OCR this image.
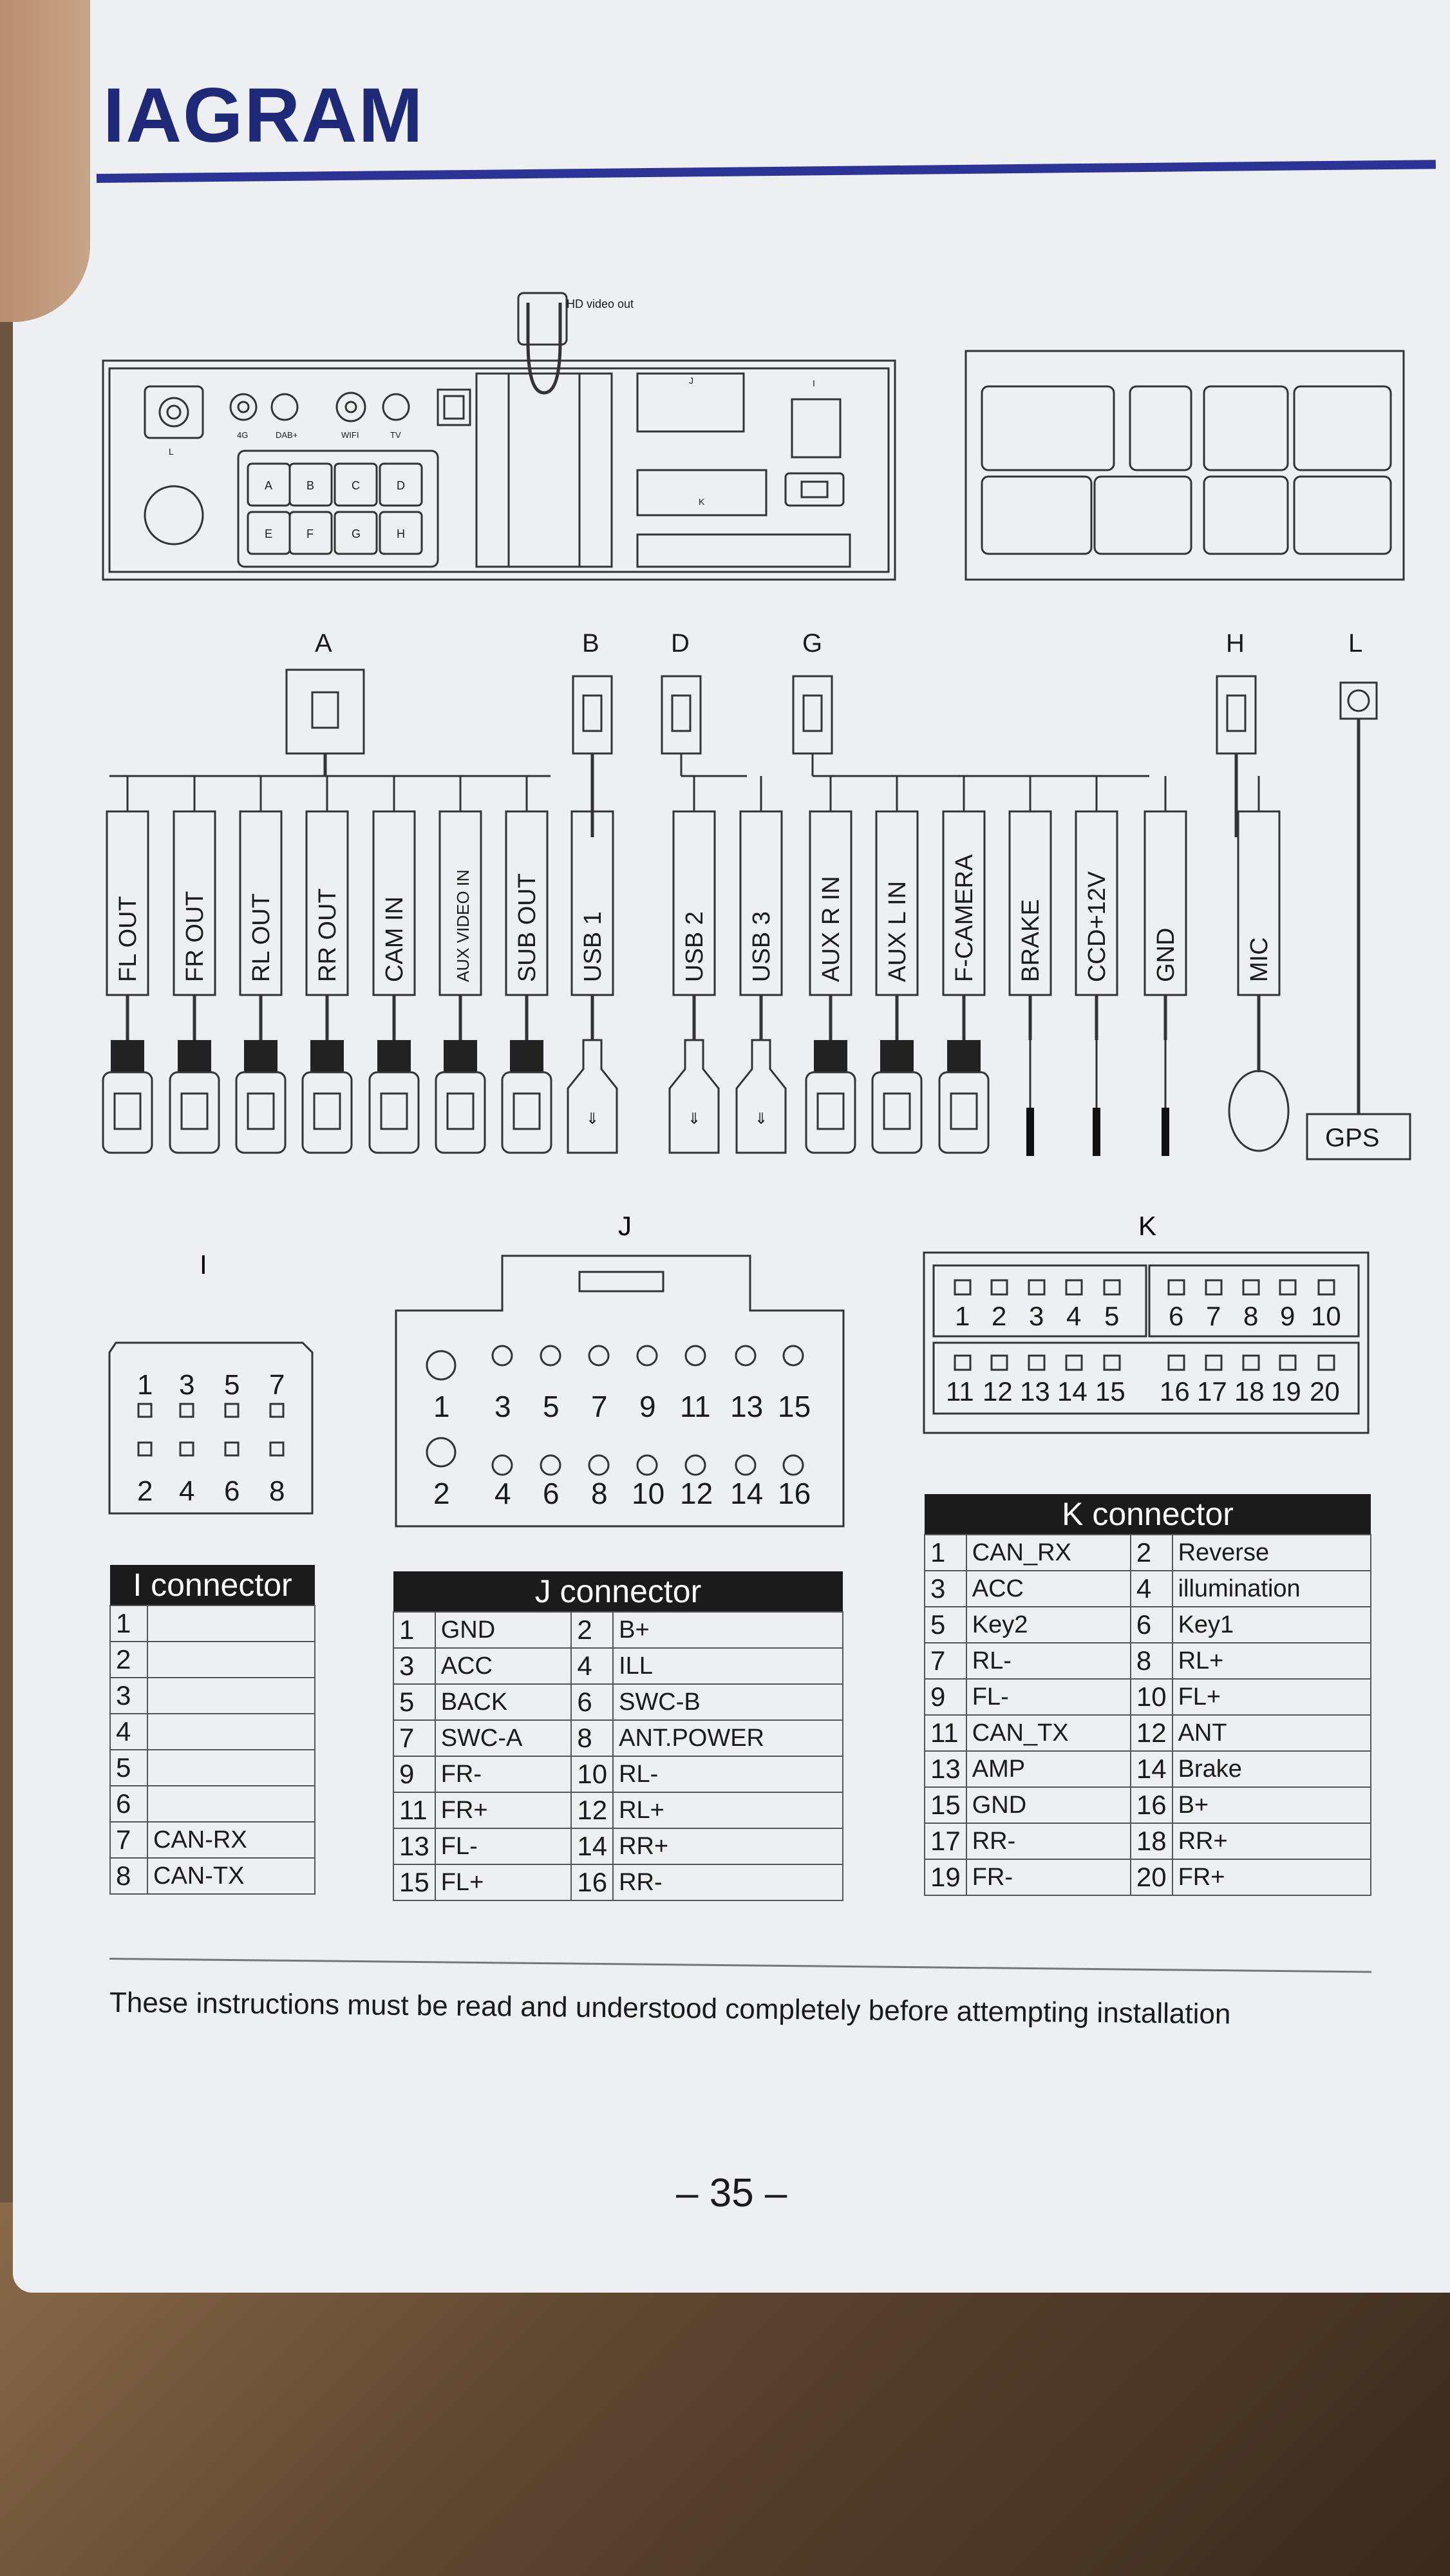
IAGRAM
L
4G	DAB+	WIFI	TV
A	B	C	D
E	F	G	H
HD video out
J
K
I
A	B	D	G	H	L
FL OUT FR OUT RL OUT RR OUT CAM IN	AUX VIDEO IN SUB OUT USB 1
⇓
USB 2
⇓
USB 3
⇓
AUX R IN AUX L IN F-CAMERA BRAKE CCD+12V GND	MIC
GPS
1 3 5 7
2 4 6 8
1 3 5 7 9 11 13 15
2 4 6 8 10 12 14 16
1 2 3 4 5 6 7 8 9 10
11 12 13 14 15 16 17 18 19 20
I
J	K
I connector	
1	
2	
3	
4	
5	
6	
7	CAN-RX
8	CAN-TX
J connector			
1	GND	2	B+
3	ACC	4	ILL
5	BACK	6	SWC-B
7	SWC-A	8	ANT.POWER
9	FR-	10	RL-
11	FR+	12	RL+
13	FL-	14	RR+
15	FL+	16	RR-
K connector			
1	CAN_RX	2	Reverse
3	ACC	4	illumination
5	Key2	6	Key1
7	RL-	8	RL+
9	FL-	10	FL+
11	CAN_TX	12	ANT
13	AMP	14	Brake
15	GND	16	B+
17	RR-	18	RR+
19	FR-	20	FR+
These instructions must be read and understood completely before attempting installation
– 35 –
